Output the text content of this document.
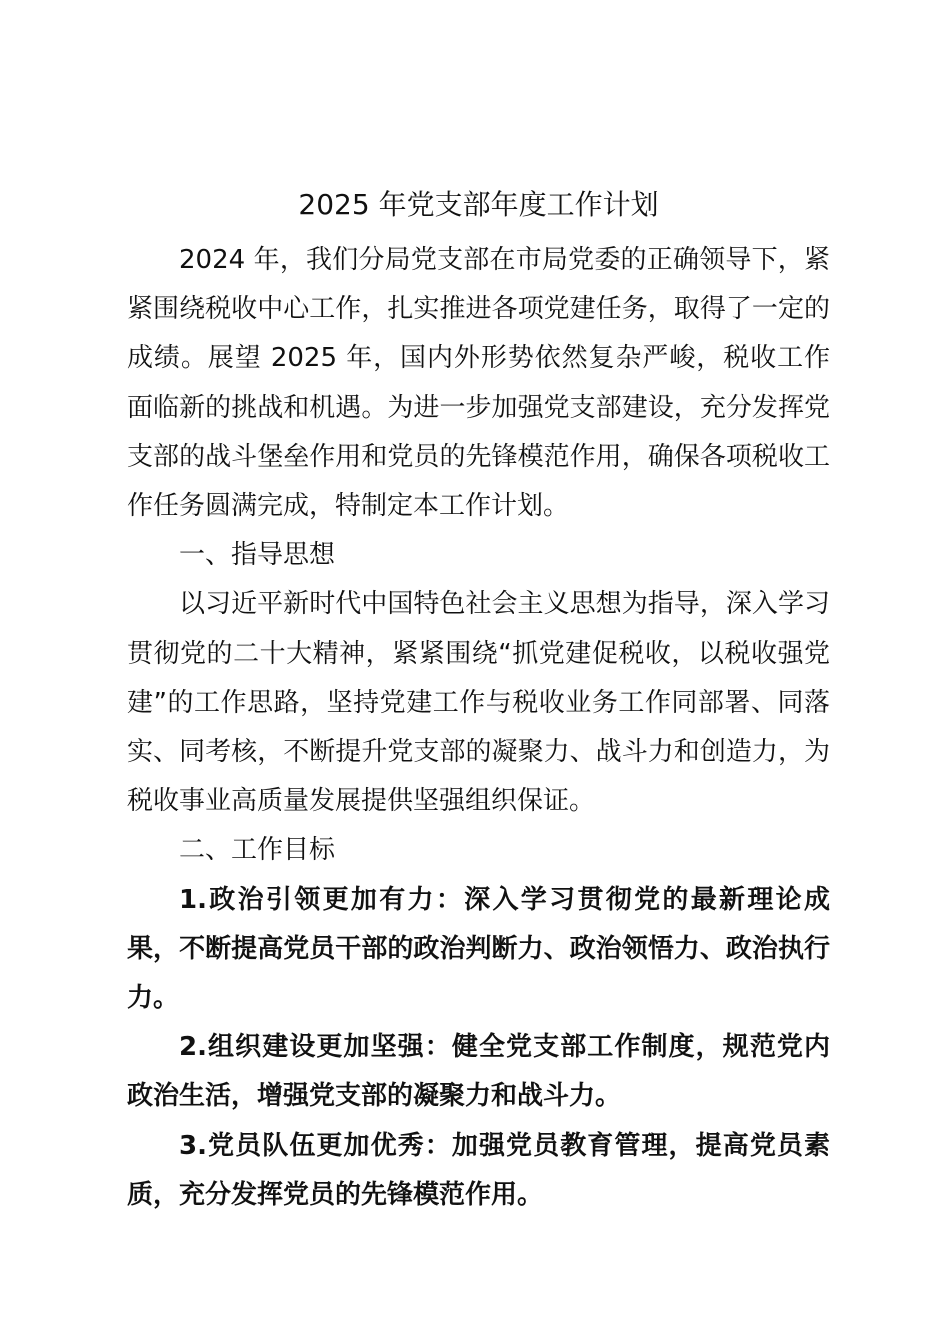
2025 年党支部年度工作计划

2024 年，我们分局党支部在市局党委的正确领导下，紧紧围绕税收中心工作，扎实推进各项党建任务，取得了一定的成绩。展望 2025 年，国内外形势依然复杂严峻，税收工作面临新的挑战和机遇。为进一步加强党支部建设，充分发挥党支部的战斗堡垒作用和党员的先锋模范作用，确保各项税收工作任务圆满完成，特制定本工作计划。

一、指导思想

以习近平新时代中国特色社会主义思想为指导，深入学习贯彻党的二十大精神，紧紧围绕“抓党建促税收，以税收强党建”的工作思路，坚持党建工作与税收业务工作同部署、同落实、同考核，不断提升党支部的凝聚力、战斗力和创造力，为税收事业高质量发展提供坚强组织保证。

二、工作目标

1.政治引领更加有力：深入学习贯彻党的最新理论成果，不断提高党员干部的政治判断力、政治领悟力、政治执行力。

2.组织建设更加坚强：健全党支部工作制度，规范党内政治生活，增强党支部的凝聚力和战斗力。

3.党员队伍更加优秀：加强党员教育管理，提高党员素质，充分发挥党员的先锋模范作用。
